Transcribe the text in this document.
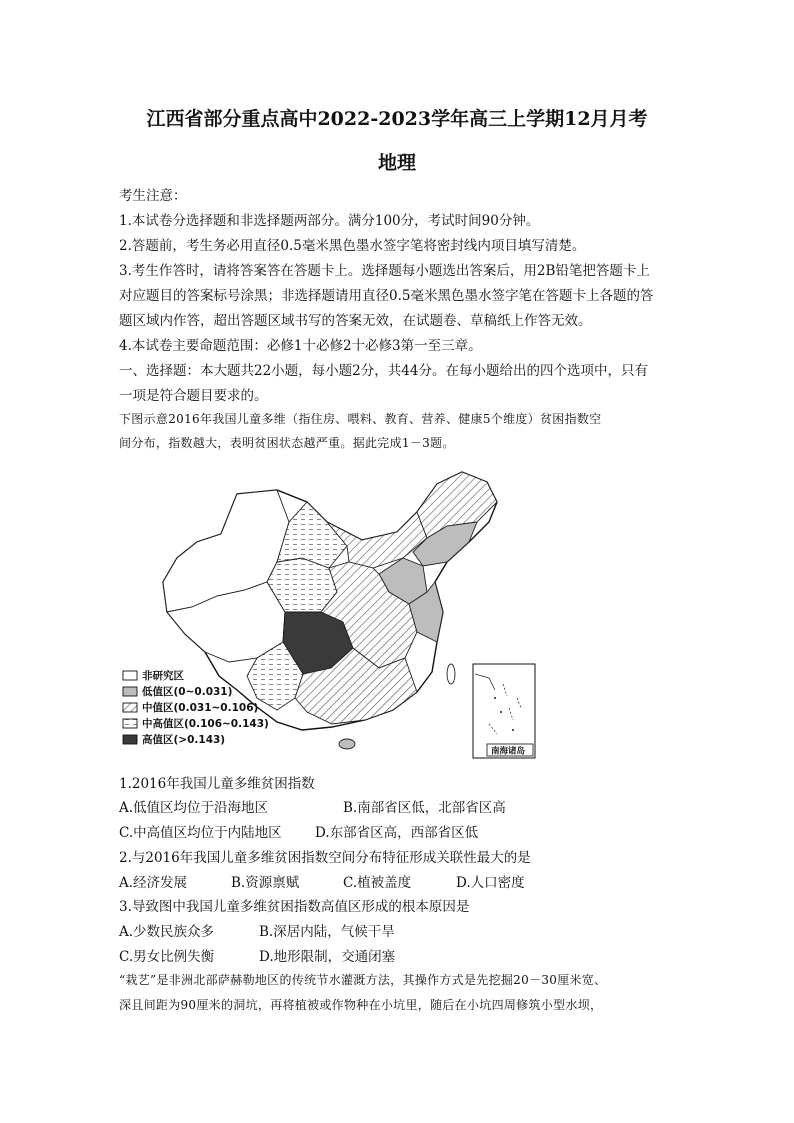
江西省部分重点高中2022-2023学年高三上学期12月月考
地理
考生注意：
1.本试卷分选择题和非选择题两部分。满分100分，考试时间90分钟。
2.答题前，考生务必用直径0.5毫米黑色墨水签字笔将密封线内项目填写清楚。
3.考生作答时，请将答案答在答题卡上。选择题每小题选出答案后，用2B铅笔把答题卡上
对应题目的答案标号涂黑；非选择题请用直径0.5毫米黑色墨水签字笔在答题卡上各题的答
题区域内作答，超出答题区域书写的答案无效，在试题卷、草稿纸上作答无效。
4.本试卷主要命题范围：必修1十必修2十必修3第一至三章。
一、选择题：本大题共22小题，每小题2分，共44分。在每小题给出的四个选项中，只有
一项是符合题目要求的。
下图示意2016年我国儿童多维（指住房、喂料、教育、营养、健康5个维度）贫困指数空
间分布，指数越大，表明贫困状态越严重。据此完成1－3题。
非研究区
低值区(0~0.031)
中值区(0.031~0.106)
中高值区(0.106~0.143)
高值区(>0.143)
南海诸岛
1.2016年我国儿童多维贫困指数
A.低值区均位于沿海地区	B.南部省区低，北部省区高
C.中高值区均位于内陆地区 D.东部省区高，西部省区低
2.与2016年我国儿童多维贫困指数空间分布特征形成关联性最大的是
A.经济发展	B.资源禀赋	C.植被盖度	D.人口密度
3.导致图中我国儿童多维贫困指数高值区形成的根本原因是
A.少数民族众多	B.深居内陆，气候干旱
C.男女比例失衡	D.地形限制，交通闭塞
“栽艺”是非洲北部萨赫勒地区的传统节水灌溉方法，其操作方式是先挖掘20－30厘米宽、
深且间距为90厘米的洞坑，再将植被或作物种在小坑里，随后在小坑四周修筑小型水坝，
